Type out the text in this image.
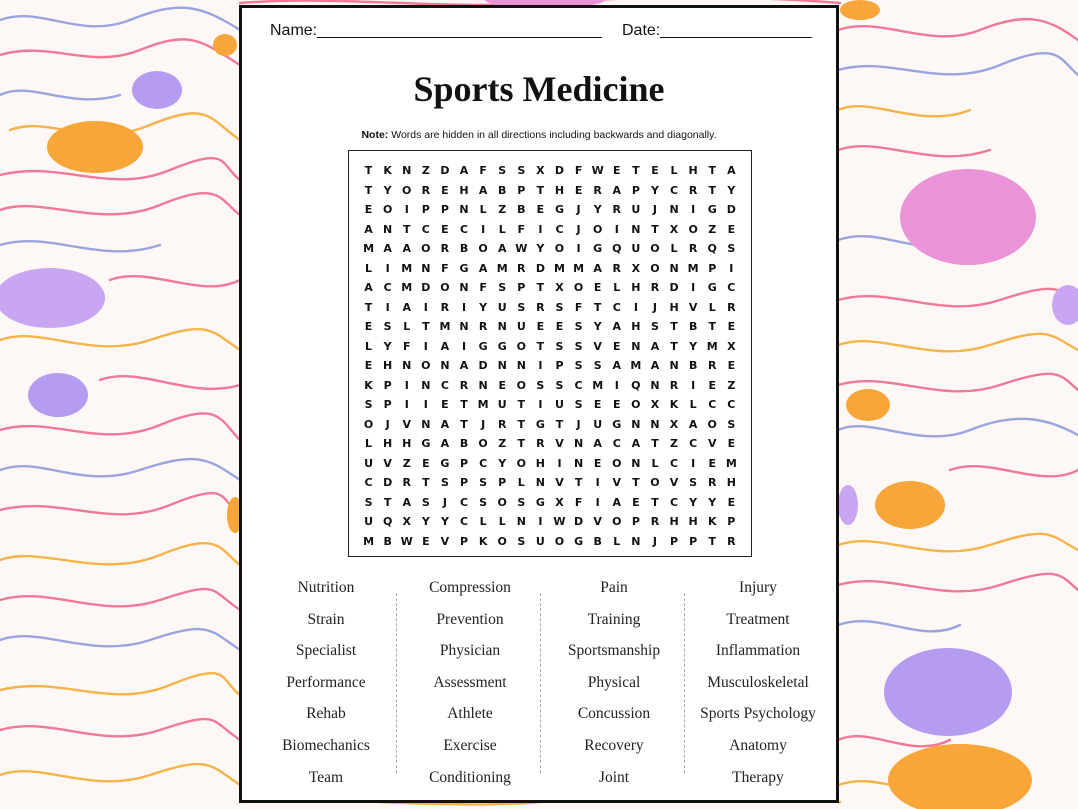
Name:________________________________ Date:_________________
Sports Medicine
Note: Words are hidden in all directions including backwards and diagonally.
T	K N Z D A	F	S	S X D F W E	T	E	L H T	A
T	Y O R	E H A B P	T H E	R A P	Y	C R	T	Y
E O	I	P	P N L	Z B	E G	J	Y R U	J	N	I	G D
A N T	C	E	C	I	L	F	I	C	J	O	I	N T	X O Z	E
M A A O R B O A W Y O	I	G Q U O L	R Q S
L	I	M N F G A M R D M M A R X O N M P	I
A C M D O N F	S	P	T	X O E	L H R D	I	G C
T	I	A	I	R	I	Y U S R S	F	T	C	I	J	H V	L	R
E	S	L	T M N R N U E	E	S	Y A H S	T	B	T	E
L	Y	F	I	A	I	G G O T	S	S V	E N A	T	Y M X
E H N O N A D N N	I	P	S	S A M A N B R	E
K P	I	N C R N E O S	S	C M	I	Q N R	I	E	Z
S	P	I	I	E	T M U T	I	U S	E	E O X K	L	C	C
O	J	V N A	T	J	R	T G T	J	U G N N X A O S
L H H G A B O Z	T	R V N A C A	T	Z	C V	E
U V Z	E G P	C	Y O H	I	N E O N L	C	I	E M
C D R	T	S	P	S	P	L N V	T	I	V	T O V S R H
S	T	A S	J	C	S O S G X	F	I	A	E	T	C	Y	Y	E
U Q X Y	Y	C	L	L N	I W D V O P R H H K P
M B W E	V P K O S U O G B	L N	J	P	P	T	R
Nutrition
Strain
Specialist
Performance
Rehab
Biomechanics
Team
Compression
Prevention
Physician
Assessment
Athlete
Exercise
Conditioning
Pain
Training
Sportsmanship
Physical
Concussion
Recovery
Joint
Injury
Treatment
Inflammation
Musculoskeletal
Sports Psychology
Anatomy
Therapy
